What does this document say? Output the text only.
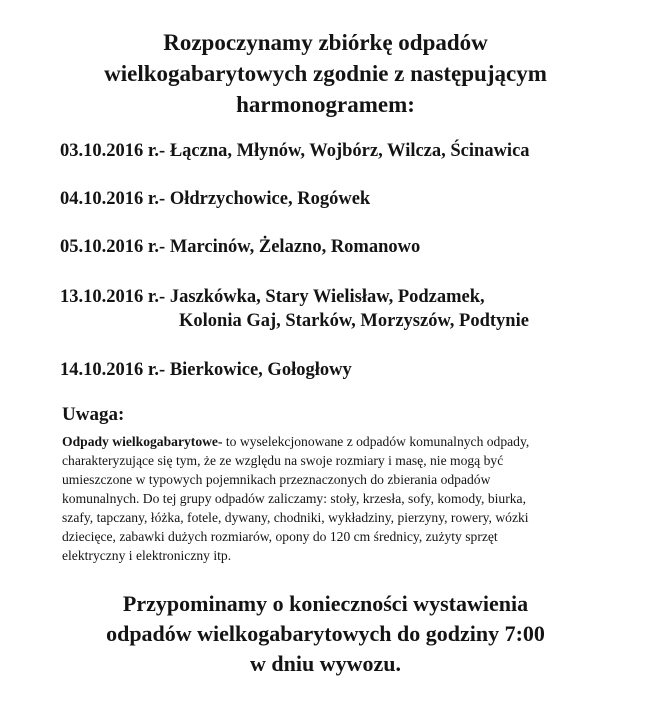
Rozpoczynamy zbiórkę odpadów
wielkogabarytowych zgodnie z następującym
harmonogramem:
03.10.2016 r.- Łączna, Młynów, Wojbórz, Wilcza, Ścinawica
04.10.2016 r.- Ołdrzychowice, Rogówek
05.10.2016 r.- Marcinów, Żelazno, Romanowo
13.10.2016 r.- Jaszkówka, Stary Wielisław, Podzamek,
Kolonia Gaj, Starków, Morzyszów, Podtynie
14.10.2016 r.- Bierkowice, Gołogłowy
Uwaga:

Odpady wielkogabarytowe- to wyselekcjonowane z odpadów komunalnych odpady,
charakteryzujące się tym, że ze względu na swoje rozmiary i masę, nie mogą być
umieszczone w typowych pojemnikach przeznaczonych do zbierania odpadów
komunalnych. Do tej grupy odpadów zaliczamy: stoły, krzesła, sofy, komody, biurka,
szafy, tapczany, łóżka, fotele, dywany, chodniki, wykładziny, pierzyny, rowery, wózki
dziecięce, zabawki dużych rozmiarów, opony do 120 cm średnicy, zużyty sprzęt
elektryczny i elektroniczny itp.

Przypominamy o konieczności wystawienia
odpadów wielkogabarytowych do godziny 7:00
w dniu wywozu.
